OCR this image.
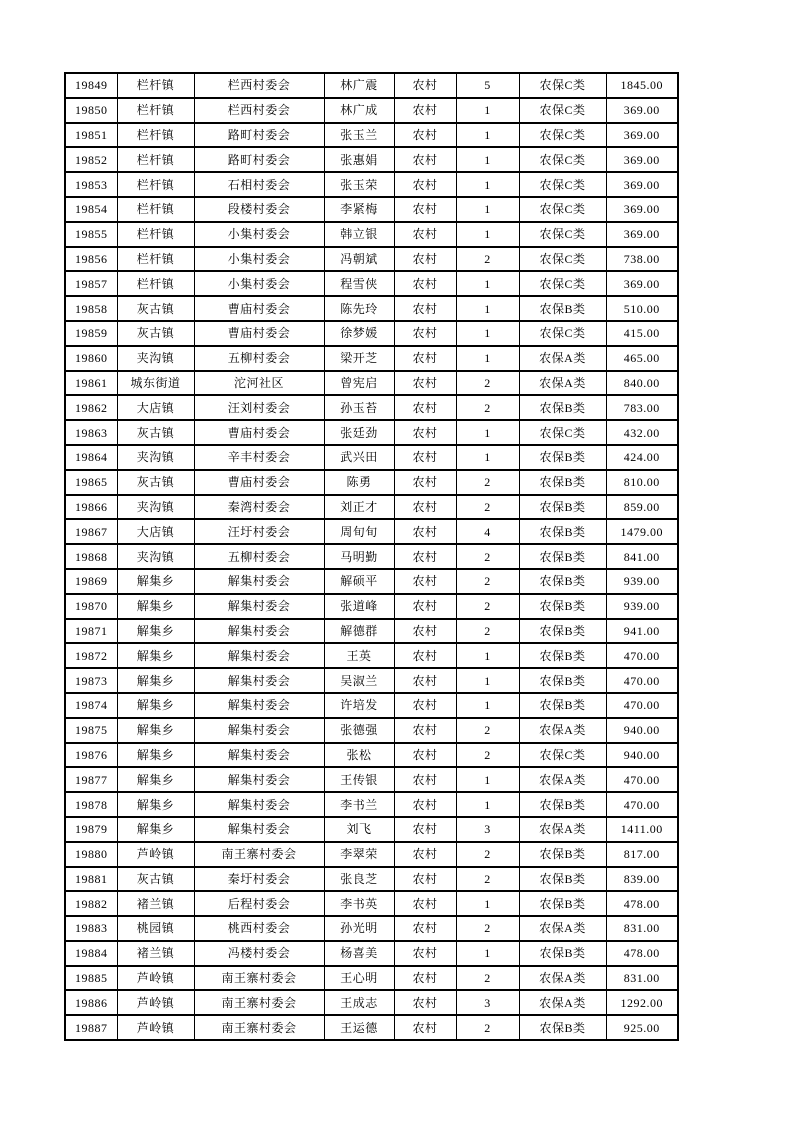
19849	栏杆镇	栏西村委会	林广震	农村	5	农保C类	1845.00
19850	栏杆镇	栏西村委会	林广成	农村	1	农保C类	369.00
19851	栏杆镇	路町村委会	张玉兰	农村	1	农保C类	369.00
19852	栏杆镇	路町村委会	张惠娟	农村	1	农保C类	369.00
19853	栏杆镇	石相村委会	张玉荣	农村	1	农保C类	369.00
19854	栏杆镇	段楼村委会	李紧梅	农村	1	农保C类	369.00
19855	栏杆镇	小集村委会	韩立银	农村	1	农保C类	369.00
19856	栏杆镇	小集村委会	冯朝斌	农村	2	农保C类	738.00
19857	栏杆镇	小集村委会	程雪侠	农村	1	农保C类	369.00
19858	灰古镇	曹庙村委会	陈先玲	农村	1	农保B类	510.00
19859	灰古镇	曹庙村委会	徐梦媛	农村	1	农保C类	415.00
19860	夹沟镇	五柳村委会	梁开芝	农村	1	农保A类	465.00
19861	城东街道	沱河社区	曾宪启	农村	2	农保A类	840.00
19862	大店镇	汪刘村委会	孙玉苔	农村	2	农保B类	783.00
19863	灰古镇	曹庙村委会	张廷劲	农村	1	农保C类	432.00
19864	夹沟镇	辛丰村委会	武兴田	农村	1	农保B类	424.00
19865	灰古镇	曹庙村委会	陈勇	农村	2	农保B类	810.00
19866	夹沟镇	秦湾村委会	刘正才	农村	2	农保B类	859.00
19867	大店镇	汪圩村委会	周旬旬	农村	4	农保B类	1479.00
19868	夹沟镇	五柳村委会	马明勤	农村	2	农保B类	841.00
19869	解集乡	解集村委会	解硕平	农村	2	农保B类	939.00
19870	解集乡	解集村委会	张道峰	农村	2	农保B类	939.00
19871	解集乡	解集村委会	解德群	农村	2	农保B类	941.00
19872	解集乡	解集村委会	王英	农村	1	农保B类	470.00
19873	解集乡	解集村委会	吴淑兰	农村	1	农保B类	470.00
19874	解集乡	解集村委会	许培发	农村	1	农保B类	470.00
19875	解集乡	解集村委会	张德强	农村	2	农保A类	940.00
19876	解集乡	解集村委会	张松	农村	2	农保C类	940.00
19877	解集乡	解集村委会	王传银	农村	1	农保A类	470.00
19878	解集乡	解集村委会	李书兰	农村	1	农保B类	470.00
19879	解集乡	解集村委会	刘飞	农村	3	农保A类	1411.00
19880	芦岭镇	南王寨村委会	李翠荣	农村	2	农保B类	817.00
19881	灰古镇	秦圩村委会	张良芝	农村	2	农保B类	839.00
19882	褚兰镇	后程村委会	李书英	农村	1	农保B类	478.00
19883	桃园镇	桃西村委会	孙光明	农村	2	农保A类	831.00
19884	褚兰镇	冯楼村委会	杨喜美	农村	1	农保B类	478.00
19885	芦岭镇	南王寨村委会	王心明	农村	2	农保A类	831.00
19886	芦岭镇	南王寨村委会	王成志	农村	3	农保A类	1292.00
19887	芦岭镇	南王寨村委会	王运德	农村	2	农保B类	925.00
